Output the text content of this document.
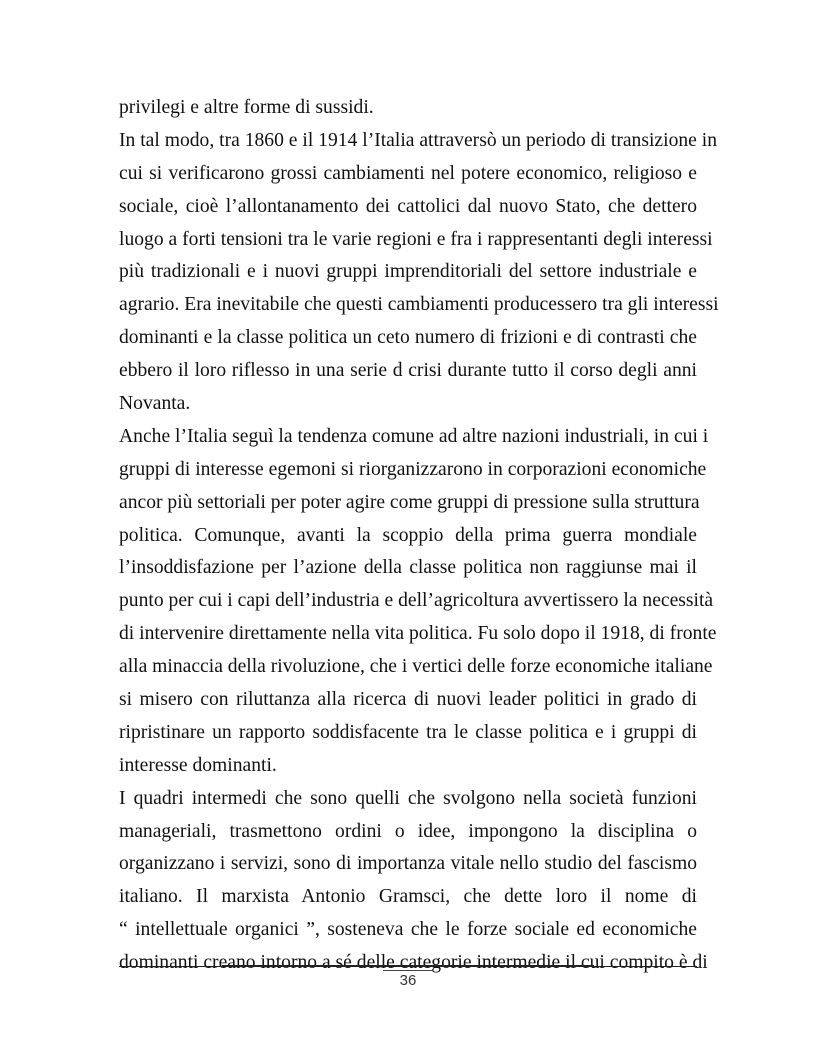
privilegi e altre forme di sussidi.
In tal modo, tra 1860 e il 1914 l’Italia attraversò un periodo di transizione in
cui si verificarono grossi cambiamenti nel potere economico, religioso e
sociale, cioè l’allontanamento dei cattolici dal nuovo Stato, che dettero
luogo a forti tensioni tra le varie regioni e fra i rappresentanti degli interessi
più tradizionali e i nuovi gruppi imprenditoriali del settore industriale e
agrario. Era inevitabile che questi cambiamenti producessero tra gli interessi
dominanti e la classe politica un ceto numero di frizioni e di contrasti che
ebbero il loro riflesso in una serie d crisi durante tutto il corso degli anni
Novanta.
Anche l’Italia seguì la tendenza comune ad altre nazioni industriali, in cui i
gruppi di interesse egemoni si riorganizzarono in corporazioni economiche
ancor più settoriali per poter agire come gruppi di pressione sulla struttura
politica. Comunque, avanti la scoppio della prima guerra mondiale
l’insoddisfazione per l’azione della classe politica non raggiunse mai il
punto per cui i capi dell’industria e dell’agricoltura avvertissero la necessità
di intervenire direttamente nella vita politica. Fu solo dopo il 1918, di fronte
alla minaccia della rivoluzione, che i vertici delle forze economiche italiane
si misero con riluttanza alla ricerca di nuovi leader politici in grado di
ripristinare un rapporto soddisfacente tra le classe politica e i gruppi di
interesse dominanti.
I quadri intermedi che sono quelli che svolgono nella società funzioni
manageriali, trasmettono ordini o idee, impongono la disciplina o
organizzano i servizi, sono di importanza vitale nello studio del fascismo
italiano. Il marxista Antonio Gramsci, che dette loro il nome di
“ intellettuale organici ”, sosteneva che le forze sociale ed economiche
dominanti creano intorno a sé delle categorie intermedie il cui compito è di
36
